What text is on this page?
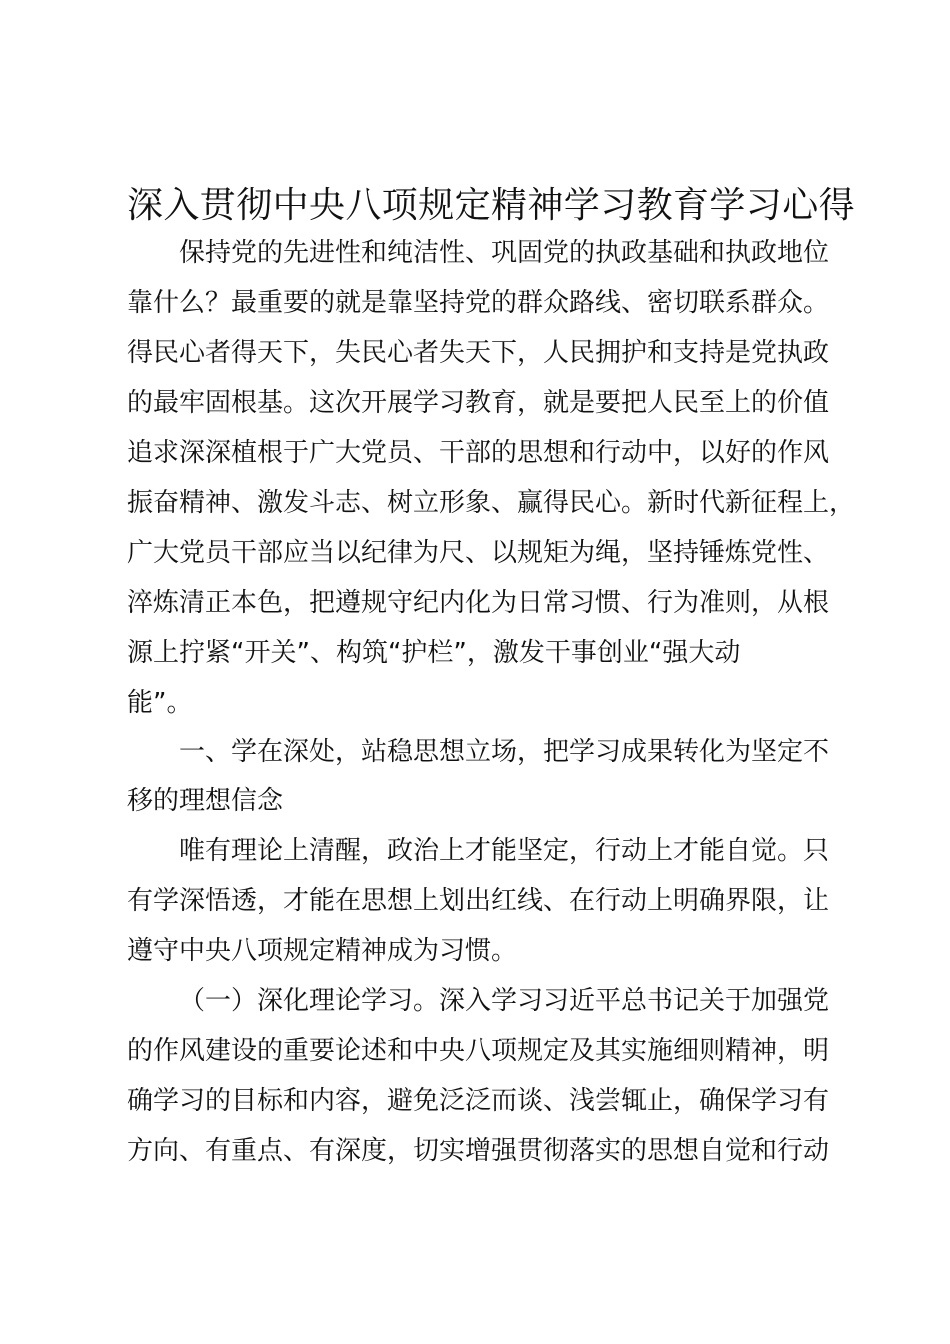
深入贯彻中央八项规定精神学习教育学习心得
保持党的先进性和纯洁性、巩固党的执政基础和执政地位
靠什么？最重要的就是靠坚持党的群众路线、密切联系群众。
得民心者得天下，失民心者失天下，人民拥护和支持是党执政
的最牢固根基。这次开展学习教育，就是要把人民至上的价值
追求深深植根于广大党员、干部的思想和行动中，以好的作风
振奋精神、激发斗志、树立形象、赢得民心。新时代新征程上，
广大党员干部应当以纪律为尺、以规矩为绳，坚持锤炼党性、
淬炼清正本色，把遵规守纪内化为日常习惯、行为准则，从根
源上拧紧“开关”、构筑“护栏”，激发干事创业“强大动
能”。
一、学在深处，站稳思想立场，把学习成果转化为坚定不
移的理想信念
唯有理论上清醒，政治上才能坚定，行动上才能自觉。只
有学深悟透，才能在思想上划出红线、在行动上明确界限，让
遵守中央八项规定精神成为习惯。
（一）深化理论学习。深入学习习近平总书记关于加强党
的作风建设的重要论述和中央八项规定及其实施细则精神，明
确学习的目标和内容，避免泛泛而谈、浅尝辄止，确保学习有
方向、有重点、有深度，切实增强贯彻落实的思想自觉和行动
